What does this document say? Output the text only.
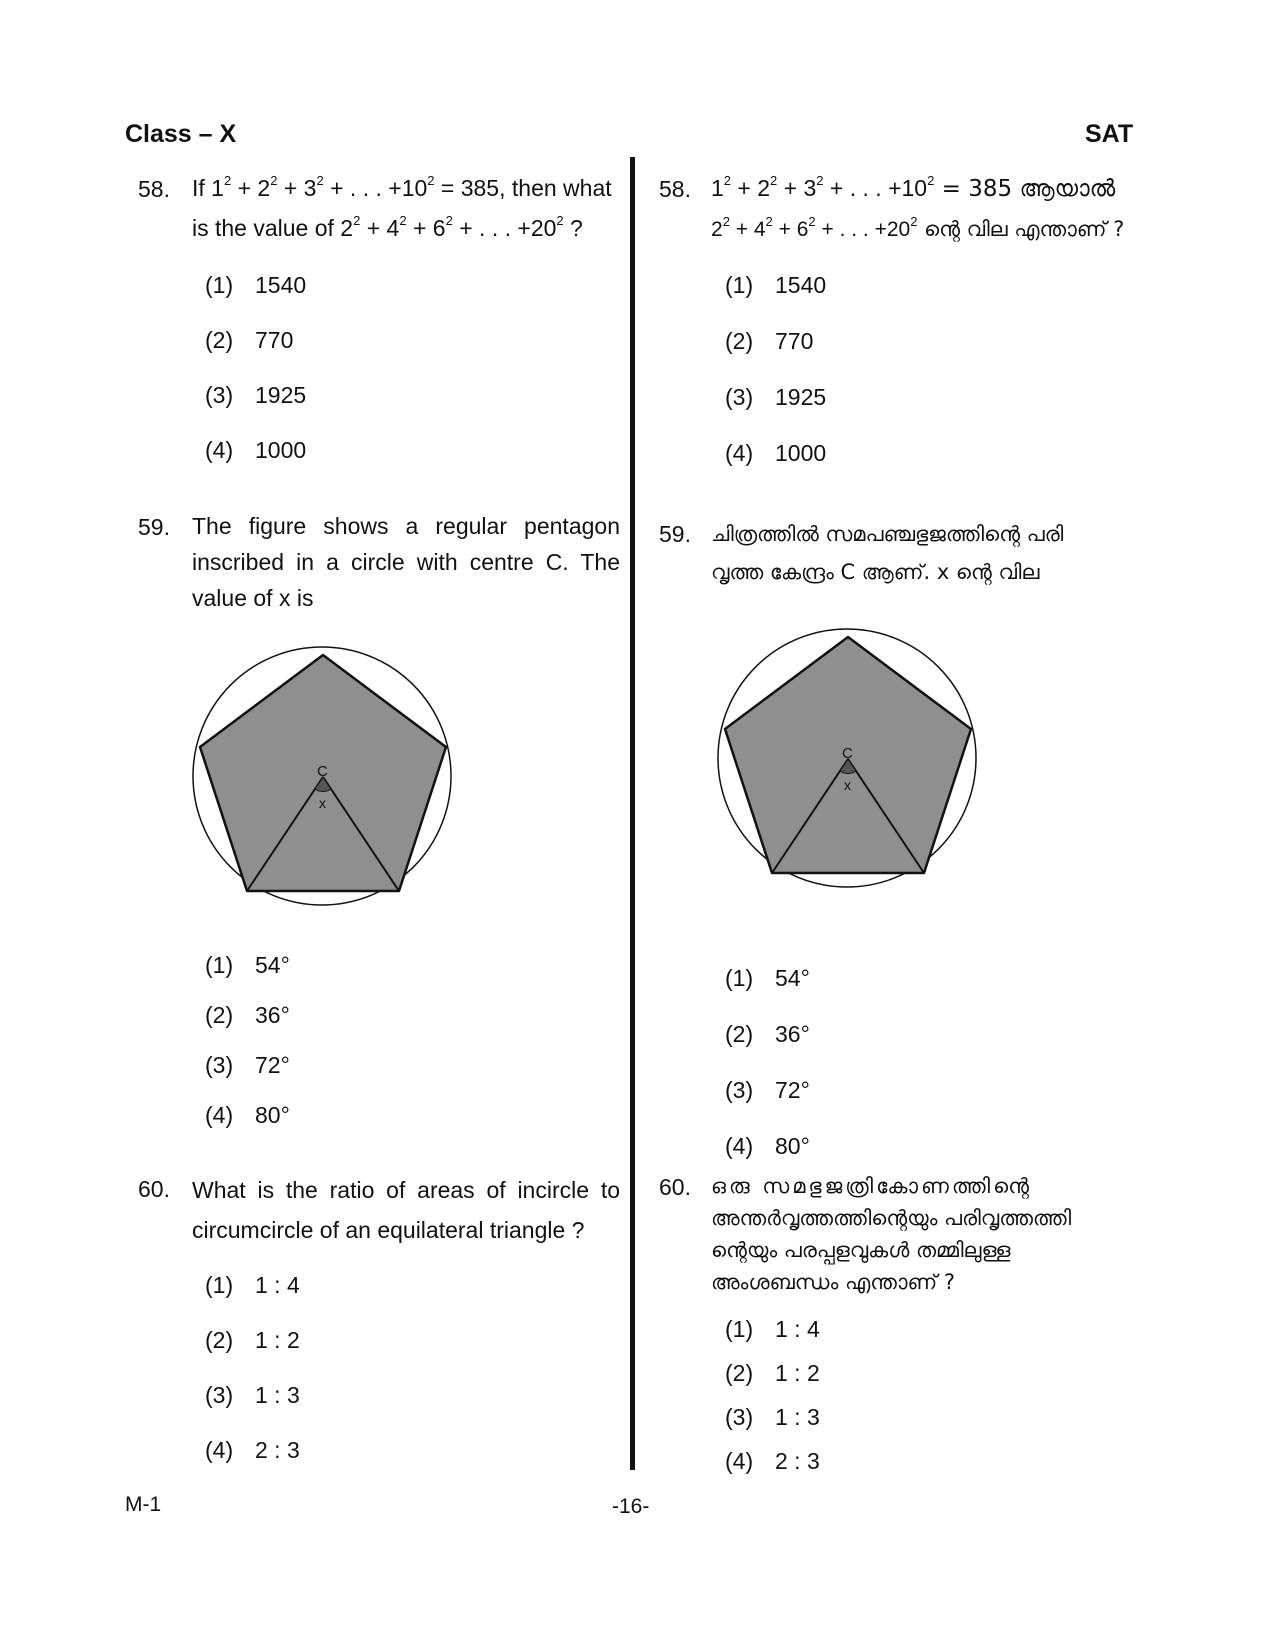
Class – X	SAT
58. If $1^2 + 2^2 + 3^2$ + . . . $+10^2 = 385$, then what
is the value of $2^2 + 4^2 + 6^2$ + . . . $+20^2$ ?
(1) 1540
(2) 770
(3) 1925
(4) 1000
59. The figure shows a regular pentagon inscribed in a circle with centre C. The value of x is
C
x
(1) 54°
(2) 36°
(3) 72°
(4) 80°
60. What is the ratio of areas of incircle to circumcircle of an equilateral triangle ?
(1) 1 : 4
(2) 1 : 2
(3) 1 : 3
(4) 2 : 3
58. $1^2 + 2^2 + 3^2$ + . . . $+10^2 = 385$ ആയാൽ
$2^2 + 4^2 + 6^2$ + . . . $+20^2$ ന്റെ വില എന്താണ് ?
(1) 1540
(2) 770
(3) 1925
(4) 1000
59. ചിത്രത്തിൽ സമപഞ്ചഭുജത്തിന്റെ പരി
വൃത്ത കേന്ദ്രം C ആണ്. x ന്റെ വില
C
x
(1) 54°
(2) 36°
(3) 72°
(4) 80°
60. ഒരു സമഭുജത്രികോണത്തിന്റെ
അന്തർവൃത്തത്തിന്റെയും പരിവൃത്തത്തി
ന്റെയും പരപ്പളവുകൾ തമ്മിലുള്ള
അംശബന്ധം എന്താണ് ?
(1) 1 : 4
(2) 1 : 2
(3) 1 : 3
(4) 2 : 3
M-1	-16-
